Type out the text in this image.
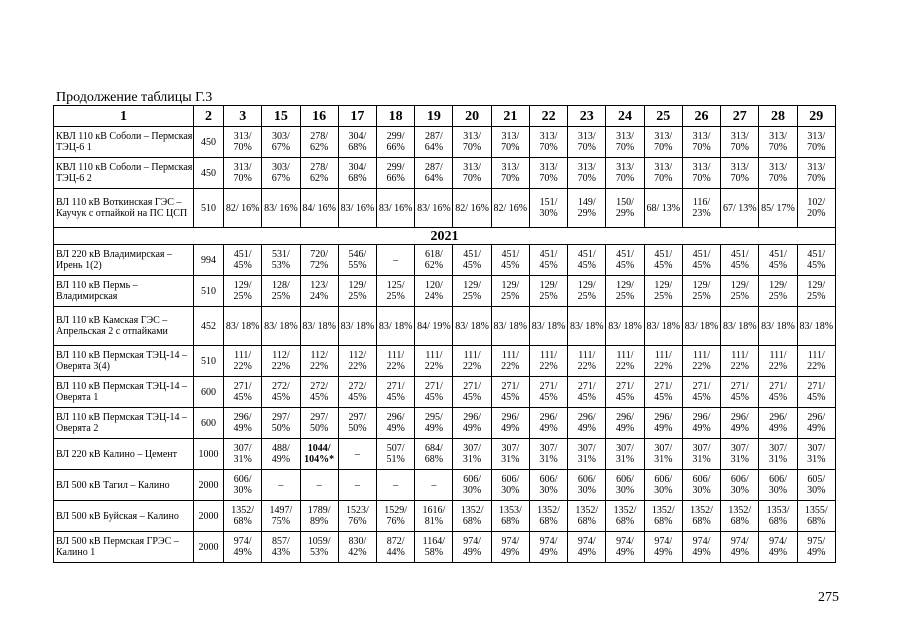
Продолжение таблицы Г.3
1	2	3	15	16	17	18	19	20	21	22	23	24	25	26	27	28	29
КВЛ 110 кВ Соболи – Пермская ТЭЦ-6 1	450	313/ 70%	303/ 67%	278/ 62%	304/ 68%	299/ 66%	287/ 64%	313/ 70%	313/ 70%	313/ 70%	313/ 70%	313/ 70%	313/ 70%	313/ 70%	313/ 70%	313/ 70%	313/ 70%
КВЛ 110 кВ Соболи – Пермская ТЭЦ-6 2	450	313/ 70%	303/ 67%	278/ 62%	304/ 68%	299/ 66%	287/ 64%	313/ 70%	313/ 70%	313/ 70%	313/ 70%	313/ 70%	313/ 70%	313/ 70%	313/ 70%	313/ 70%	313/ 70%
ВЛ 110 кВ Воткинская ГЭС – Каучук с отпайкой на ПС ЦСП	510	82/ 16%	83/ 16%	84/ 16%	83/ 16%	83/ 16%	83/ 16%	82/ 16%	82/ 16%	151/ 30%	149/ 29%	150/ 29%	68/ 13%	116/ 23%	67/ 13%	85/ 17%	102/ 20%
2021																	
ВЛ 220 кВ Владимирская – Ирень 1(2)	994	451/ 45%	531/ 53%	720/ 72%	546/ 55%	–	618/ 62%	451/ 45%	451/ 45%	451/ 45%	451/ 45%	451/ 45%	451/ 45%	451/ 45%	451/ 45%	451/ 45%	451/ 45%
ВЛ 110 кВ Пермь – Владимирская	510	129/ 25%	128/ 25%	123/ 24%	129/ 25%	125/ 25%	120/ 24%	129/ 25%	129/ 25%	129/ 25%	129/ 25%	129/ 25%	129/ 25%	129/ 25%	129/ 25%	129/ 25%	129/ 25%
ВЛ 110 кВ Камская ГЭС – Апрельская 2 с отпайками	452	83/ 18%	83/ 18%	83/ 18%	83/ 18%	83/ 18%	84/ 19%	83/ 18%	83/ 18%	83/ 18%	83/ 18%	83/ 18%	83/ 18%	83/ 18%	83/ 18%	83/ 18%	83/ 18%
ВЛ 110 кВ Пермская ТЭЦ-14 – Оверята 3(4)	510	111/ 22%	112/ 22%	112/ 22%	112/ 22%	111/ 22%	111/ 22%	111/ 22%	111/ 22%	111/ 22%	111/ 22%	111/ 22%	111/ 22%	111/ 22%	111/ 22%	111/ 22%	111/ 22%
ВЛ 110 кВ Пермская ТЭЦ-14 – Оверята 1	600	271/ 45%	272/ 45%	272/ 45%	272/ 45%	271/ 45%	271/ 45%	271/ 45%	271/ 45%	271/ 45%	271/ 45%	271/ 45%	271/ 45%	271/ 45%	271/ 45%	271/ 45%	271/ 45%
ВЛ 110 кВ Пермская ТЭЦ-14 – Оверята 2	600	296/ 49%	297/ 50%	297/ 50%	297/ 50%	296/ 49%	295/ 49%	296/ 49%	296/ 49%	296/ 49%	296/ 49%	296/ 49%	296/ 49%	296/ 49%	296/ 49%	296/ 49%	296/ 49%
ВЛ 220 кВ Калино – Цемент	1000	307/ 31%	488/ 49%	1044/ 104%*	–	507/ 51%	684/ 68%	307/ 31%	307/ 31%	307/ 31%	307/ 31%	307/ 31%	307/ 31%	307/ 31%	307/ 31%	307/ 31%	307/ 31%
ВЛ 500 кВ Тагил – Калино	2000	606/ 30%	–	–	–	–	–	606/ 30%	606/ 30%	606/ 30%	606/ 30%	606/ 30%	606/ 30%	606/ 30%	606/ 30%	606/ 30%	605/ 30%
ВЛ 500 кВ Буйская – Калино	2000	1352/ 68%	1497/ 75%	1789/ 89%	1523/ 76%	1529/ 76%	1616/ 81%	1352/ 68%	1353/ 68%	1352/ 68%	1352/ 68%	1352/ 68%	1352/ 68%	1352/ 68%	1352/ 68%	1353/ 68%	1355/ 68%
ВЛ 500 кВ Пермская ГРЭС – Калино 1	2000	974/ 49%	857/ 43%	1059/ 53%	830/ 42%	872/ 44%	1164/ 58%	974/ 49%	974/ 49%	974/ 49%	974/ 49%	974/ 49%	974/ 49%	974/ 49%	974/ 49%	974/ 49%	975/ 49%
275
